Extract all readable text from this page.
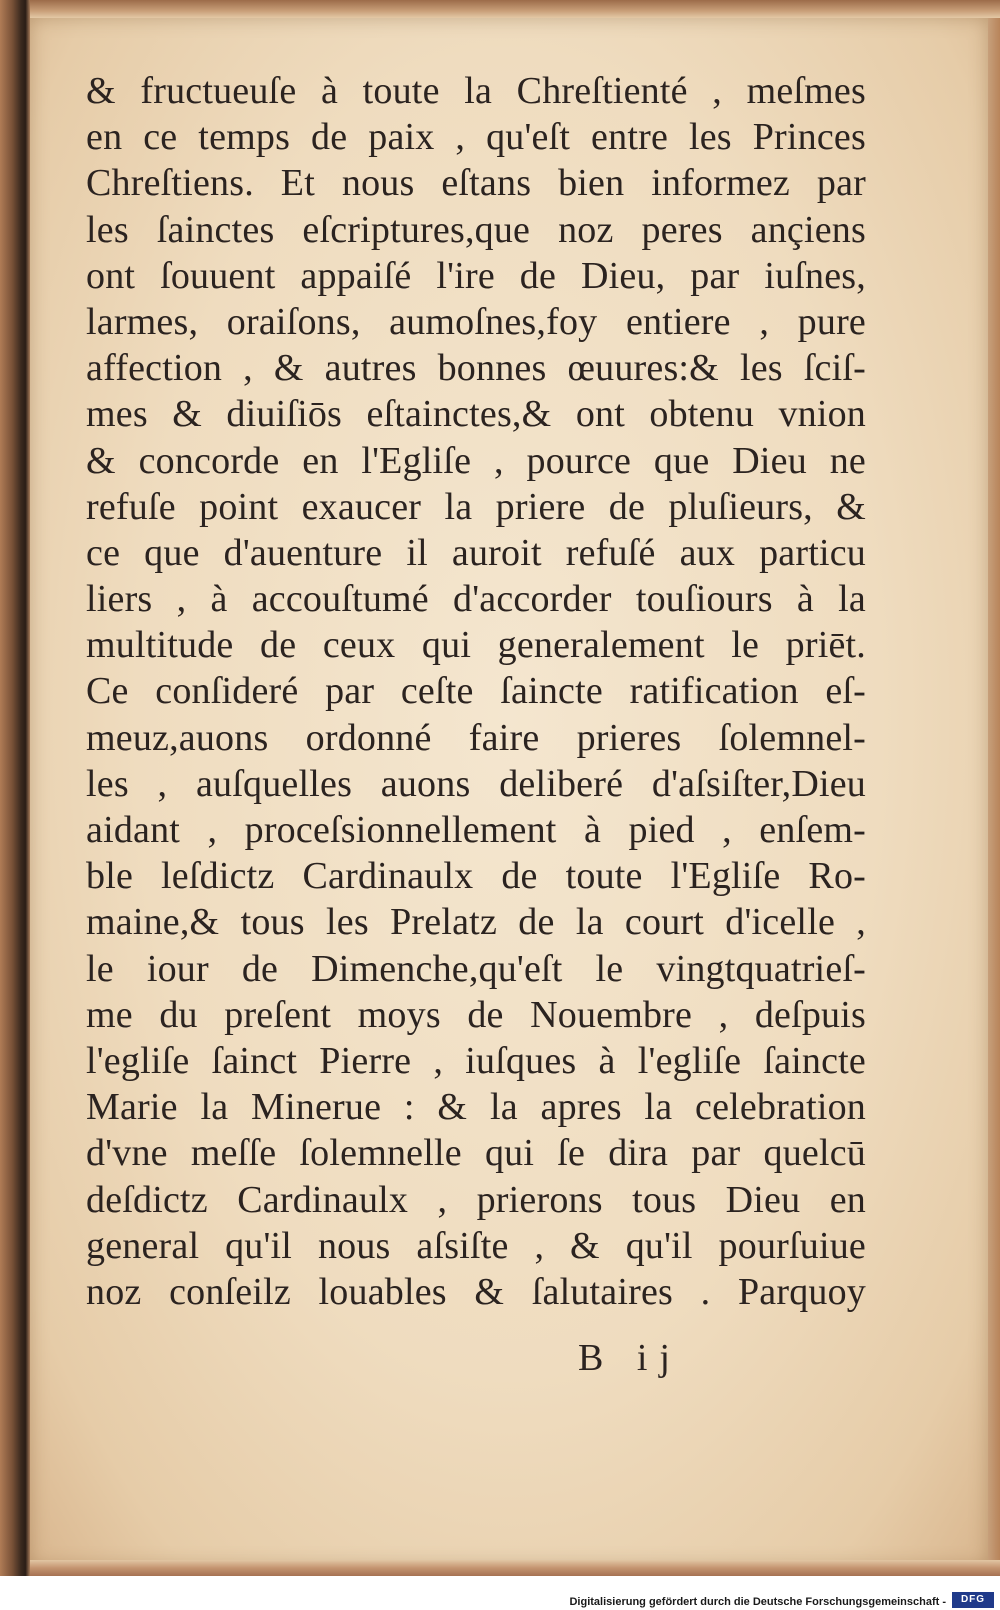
& fructueuſe à toute la Chreſtienté , meſmes
en ce temps de paix , qu'eſt entre les Princes
Chreſtiens. Et nous eſtans bien informez par
les ſainctes eſcriptures,que noz peres ançiens
ont ſouuent appaiſé l'ire de Dieu, par iuſnes,
larmes, oraiſons, aumoſnes,foy entiere , pure
affection , & autres bonnes œuures:& les ſciſ-
mes & diuiſiōs eſtainctes,& ont obtenu vnion
& concorde en l'Egliſe , pource que Dieu ne
refuſe point exaucer la priere de pluſieurs, &
ce que d'auenture il auroit refuſé aux particu
liers , à accouſtumé d'accorder touſiours à la
multitude de ceux qui generalement le priēt.
Ce conſideré par ceſte ſaincte ratification eſ-
meuz,auons ordonné faire prieres ſolemnel-
les , auſquelles auons deliberé d'aſsiſter,Dieu
aidant , proceſsionnellement à pied , enſem-
ble leſdictz Cardinaulx de toute l'Egliſe Ro-
maine,& tous les Prelatz de la court d'icelle ,
le iour de Dimenche,qu'eſt le vingtquatrieſ-
me du preſent moys de Nouembre , deſpuis
l'egliſe ſainct Pierre , iuſques à l'egliſe ſaincte
Marie la Minerue : & la apres la celebration
d'vne meſſe ſolemnelle qui ſe dira par quelcū
deſdictz Cardinaulx , prierons tous Dieu en
general qu'il nous aſsiſte , & qu'il pourſuiue
noz conſeilz louables & ſalutaires . Parquoy
B ij
Digitalisierung gefördert durch die Deutsche Forschungsgemeinschaft -	DFG
